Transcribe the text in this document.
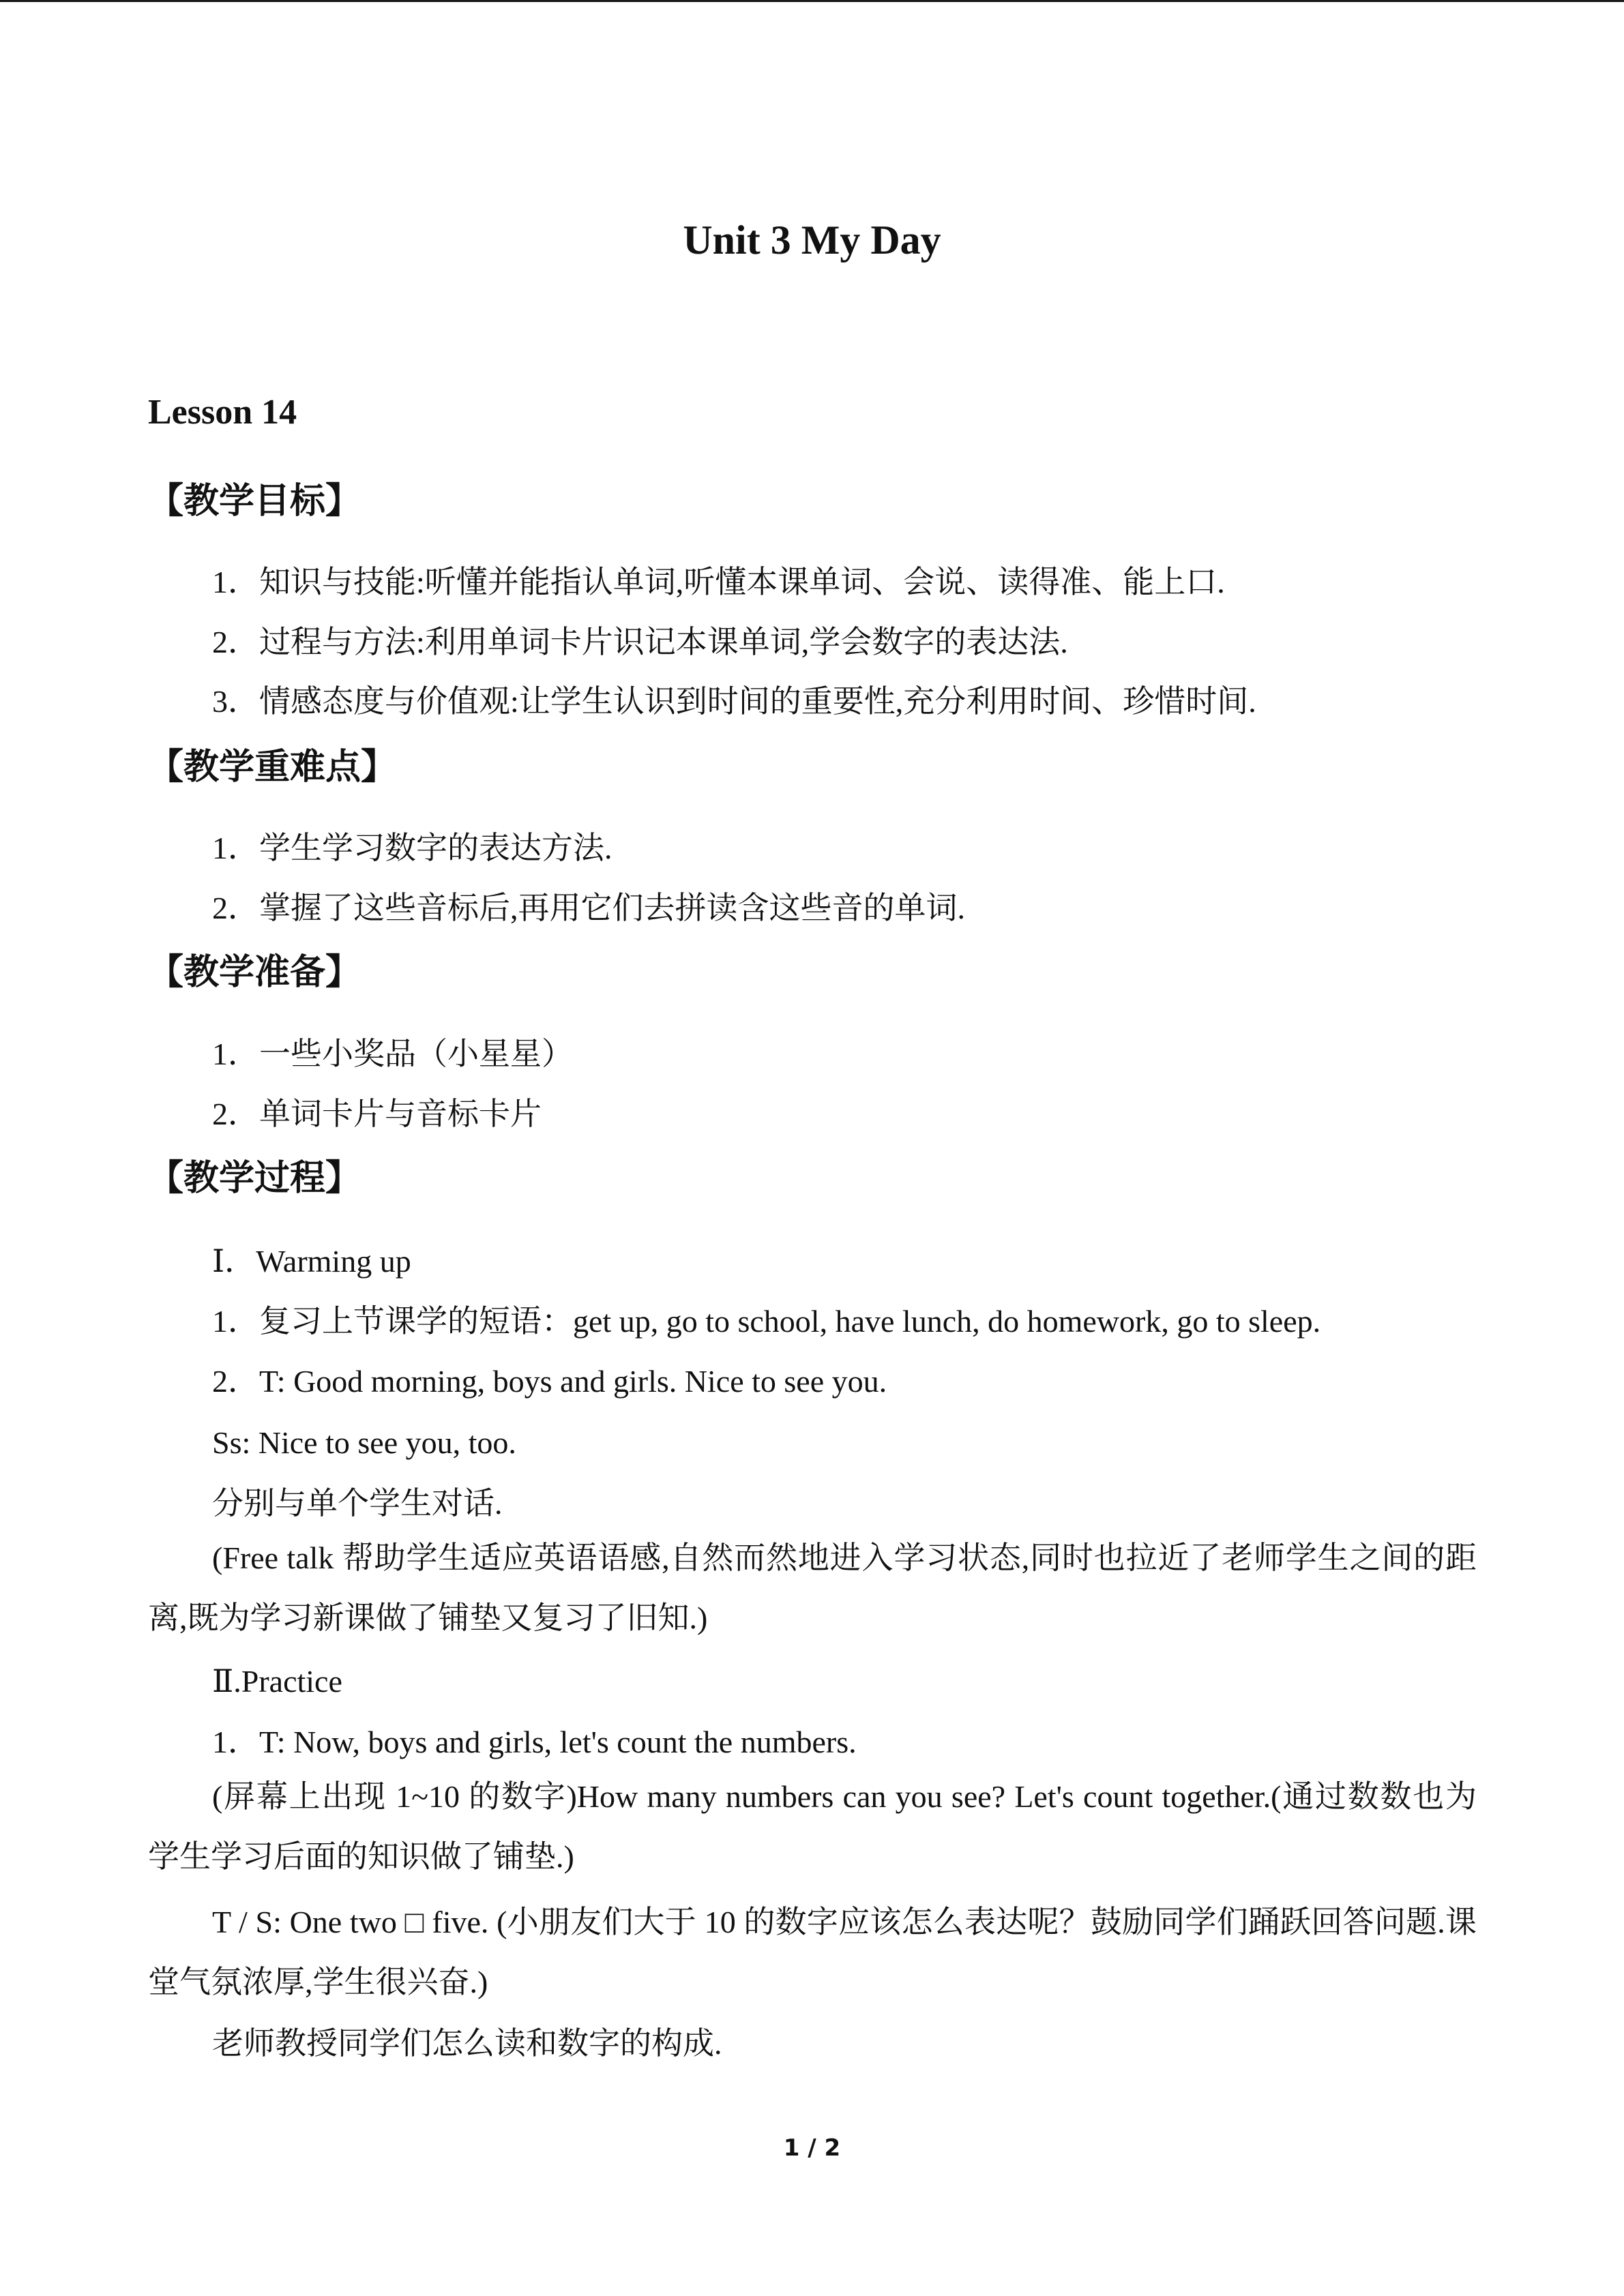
Unit 3 My Day
Lesson 14
【教学目标】
1．知识与技能:听懂并能指认单词,听懂本课单词、会说、读得准、能上口.
2．过程与方法:利用单词卡片识记本课单词,学会数字的表达法.
3．情感态度与价值观:让学生认识到时间的重要性,充分利用时间、珍惜时间.
【教学重难点】
1．学生学习数字的表达方法.
2．掌握了这些音标后,再用它们去拼读含这些音的单词.
【教学准备】
1．一些小奖品（小星星）
2．单词卡片与音标卡片
【教学过程】
Ⅰ．Warming up
1．复习上节课学的短语：get up, go to school, have lunch, do homework, go to sleep.
2．T: Good morning, boys and girls. Nice to see you.
Ss: Nice to see you, too.
分别与单个学生对话.
(Free talk 帮助学生适应英语语感,自然而然地进入学习状态,同时也拉近了老师学生之间的距离,既为学习新课做了铺垫又复习了旧知.)
Ⅱ.Practice
1．T: Now, boys and girls, let's count the numbers.
(屏幕上出现 1~10 的数字)How many numbers can you see? Let's count together.(通过数数也为学生学习后面的知识做了铺垫.)
T / S: One two □ five. (小朋友们大于 10 的数字应该怎么表达呢？鼓励同学们踊跃回答问题.课堂气氛浓厚,学生很兴奋.)
老师教授同学们怎么读和数字的构成.
1 / 2
